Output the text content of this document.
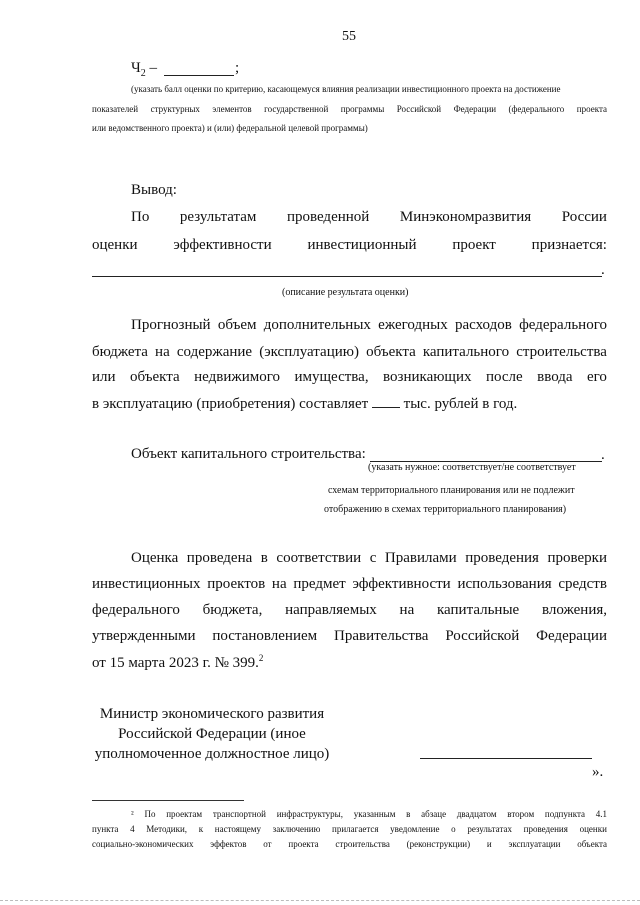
55
$Ч_2$ –	;
(указать балл оценки по критерию, касающемуся влияния реализации инвестиционного проекта на достижение
показателей структурных элементов государственной программы Российской Федерации (федерального проекта
или ведомственного проекта) и (или) федеральной целевой программы)
Вывод:
По результатам проведенной Минэкономразвития России
оценки эффективности инвестиционный проект признается:
.
(описание результата оценки)
Прогнозный объем дополнительных ежегодных расходов федерального
бюджета на содержание (эксплуатацию) объекта капитального строительства
или объекта недвижимого имущества, возникающих после ввода его
в эксплуатацию (приобретения) составляет тыс. рублей в год.
Объект капитального строительства:	.
(указать нужное: соответствует/не соответствует
схемам территориального планирования или не подлежит
отображению в схемах территориального планирования)
Оценка проведена в соответствии с Правилами проведения проверки
инвестиционных проектов на предмет эффективности использования средств
федерального бюджета, направляемых на капитальные вложения,
утвержденными постановлением Правительства Российской Федерации
от 15 марта 2023 г. № 399.$^2$
Министр экономического развития
Российской Федерации (иное
уполномоченное должностное лицо)
».
² По проектам транспортной инфраструктуры, указанным в абзаце двадцатом втором подпункта 4.1
пункта 4 Методики, к настоящему заключению прилагается уведомление о результатах проведения оценки
социально-экономических эффектов от проекта строительства (реконструкции) и эксплуатации объекта
